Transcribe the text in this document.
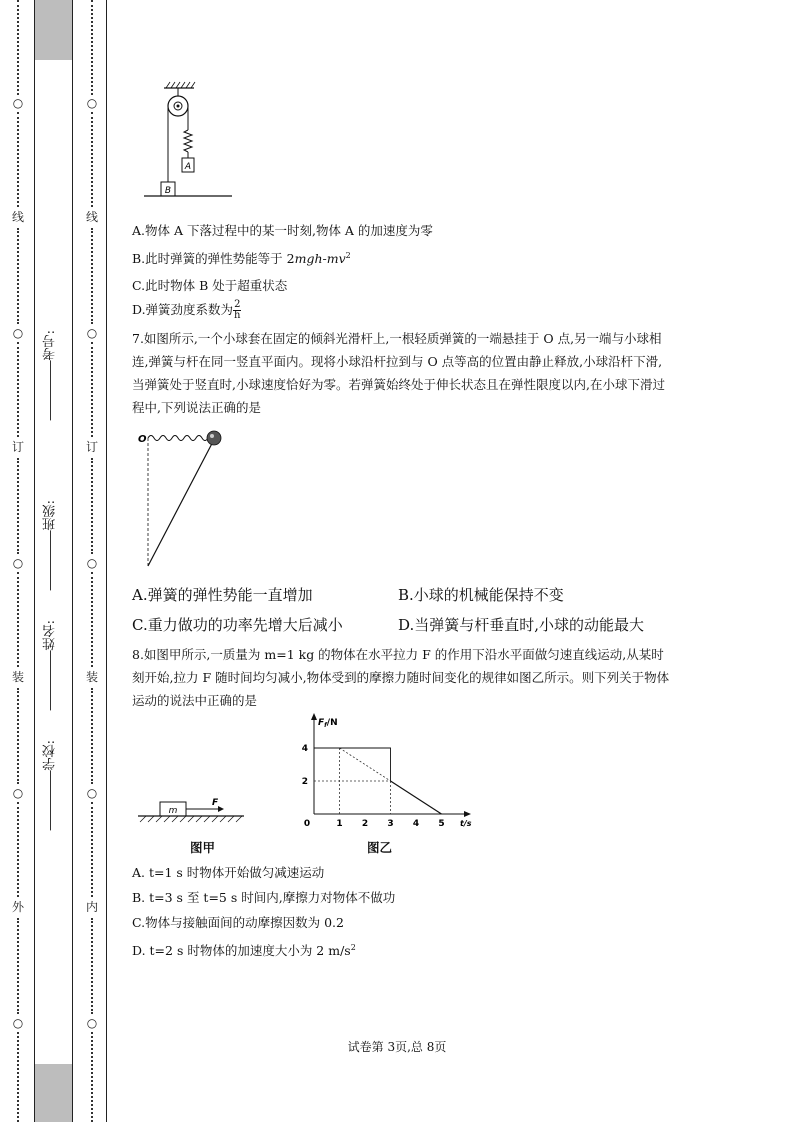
○
线
○
订
○
装
○
外
○
考号:
班级:
姓名:
学校:
○
线
○
订
○
装
○
内
○
A
B
A.物体 A 下落过程中的某一时刻,物体 A 的加速度为零
B.此时弹簧的弹性势能等于 $2mgh-mv^2$
C.此时物体 B 处于超重状态
D.弹簧劲度系数为 $\frac{2}{h}$
7.如图所示,一个小球套在固定的倾斜光滑杆上,一根轻质弹簧的一端悬挂于 O 点,另一端与小球相连,弹簧与杆在同一竖直平面内。现将小球沿杆拉到与 O 点等高的位置由静止释放,小球沿杆下滑,当弹簧处于竖直时,小球速度恰好为零。若弹簧始终处于伸长状态且在弹性限度以内,在小球下滑过程中,下列说法正确的是
O
A.弹簧的弹性势能一直增加	B.小球的机械能保持不变
C.重力做功的功率先增大后减小	D.当弹簧与杆垂直时,小球的动能最大
8.如图甲所示,一质量为 m=1 kg 的物体在水平拉力 F 的作用下沿水平面做匀速直线运动,从某时刻开始,拉力 F 随时间均匀减小,物体受到的摩擦力随时间变化的规律如图乙所示。则下列关于物体运动的说法中正确的是
m
F
图甲
$F_f/N$
t/s
0	1 2 3 4 5
4
2
图乙
A. t=1 s 时物体开始做匀减速运动
B. t=3 s 至 t=5 s 时间内,摩擦力对物体不做功
C.物体与接触面间的动摩擦因数为 0.2
D. t=2 s 时物体的加速度大小为 2 $m/s^2$
试卷第 3页,总 8页
